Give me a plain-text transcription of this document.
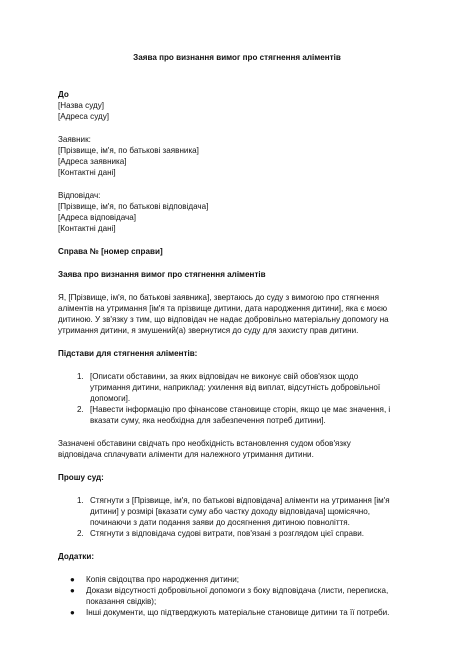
Заява про визнання вимог про стягнення аліментів
До
[Назва суду]
[Адреса суду]
Заявник:
[Прізвище, ім'я, по батькові заявника]
[Адреса заявника]
[Контактні дані]
Відповідач:
[Прізвище, ім'я, по батькові відповідача]
[Адреса відповідача]
[Контактні дані]
Справа № [номер справи]
Заява про визнання вимог про стягнення аліментів
Я, [Прізвище, ім'я, по батькові заявника], звертаюсь до суду з вимогою про стягнення
аліментів на утримання [ім'я та прізвище дитини, дата народження дитини], яка є моєю
дитиною. У зв'язку з тим, що відповідач не надає добровільно матеріальну допомогу на
утримання дитини, я змушений(а) звернутися до суду для захисту прав дитини.
Підстави для стягнення аліментів:
1. [Описати обставини, за яких відповідач не виконує свій обов'язок щодо
утримання дитини, наприклад: ухилення від виплат, відсутність добровільної
допомоги].
2. [Навести інформацію про фінансове становище сторін, якщо це має значення, і
вказати суму, яка необхідна для забезпечення потреб дитини].
Зазначені обставини свідчать про необхідність встановлення судом обов'язку
відповідача сплачувати аліменти для належного утримання дитини.
Прошу суд:
1. Стягнути з [Прізвище, ім'я, по батькові відповідача] аліменти на утримання [ім'я
дитини] у розмірі [вказати суму або частку доходу відповідача] щомісячно,
починаючи з дати подання заяви до досягнення дитиною повноліття.
2. Стягнути з відповідача судові витрати, пов'язані з розглядом цієї справи.
Додатки:
● Копія свідоцтва про народження дитини;
● Докази відсутності добровільної допомоги з боку відповідача (листи, переписка,
показання свідків);
● Інші документи, що підтверджують матеріальне становище дитини та її потреби.
